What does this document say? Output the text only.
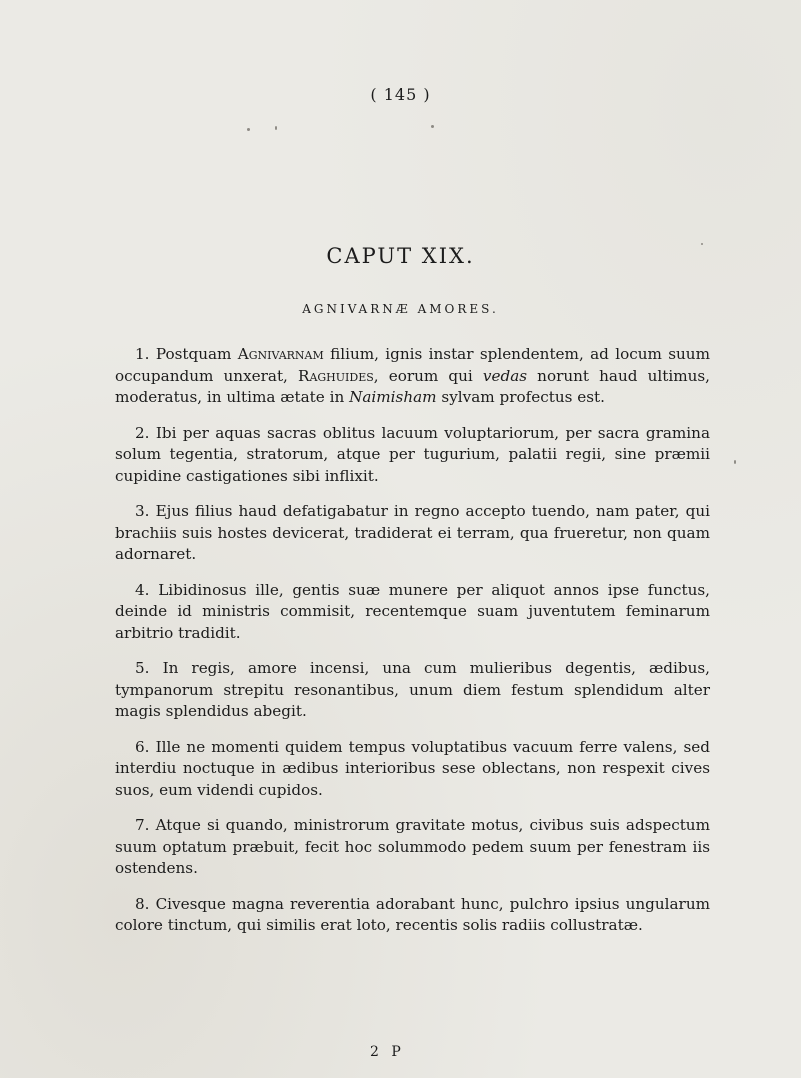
( 145 )
CAPUT XIX.
AGNIVARNÆ AMORES.

1. Postquam Agnivarnam filium, ignis instar splendentem, ad locum suum occupandum unxerat, Raghuides, eorum qui vedas norunt haud ultimus, moderatus, in ultima ætate in Naimisham sylvam profectus est.

2. Ibi per aquas sacras oblitus lacuum voluptariorum, per sacra gramina solum tegentia, stratorum, atque per tugurium, palatii regii, sine præmii cupidine castigationes sibi inflixit.

3. Ejus filius haud defatigabatur in regno accepto tuendo, nam pater, qui brachiis suis hostes devicerat, tradiderat ei terram, qua frueretur, non quam adornaret.

4. Libidinosus ille, gentis suæ munere per aliquot annos ipse functus, deinde id ministris commisit, recentemque suam juventutem feminarum arbitrio tradidit.

5. In regis, amore incensi, una cum mulieribus degentis, ædibus, tympanorum strepitu resonantibus, unum diem festum splendidum alter magis splendidus abegit.

6. Ille ne momenti quidem tempus voluptatibus vacuum ferre valens, sed interdiu noctuque in ædibus interioribus sese oblectans, non respexit cives suos, eum videndi cupidos.

7. Atque si quando, ministrorum gravitate motus, civibus suis adspectum suum optatum præbuit, fecit hoc solummodo pedem suum per fenestram iis ostendens.

8. Civesque magna reverentia adorabant hunc, pulchro ipsius ungularum colore tinctum, qui similis erat loto, recentis solis radiis collustratæ.

2 P
